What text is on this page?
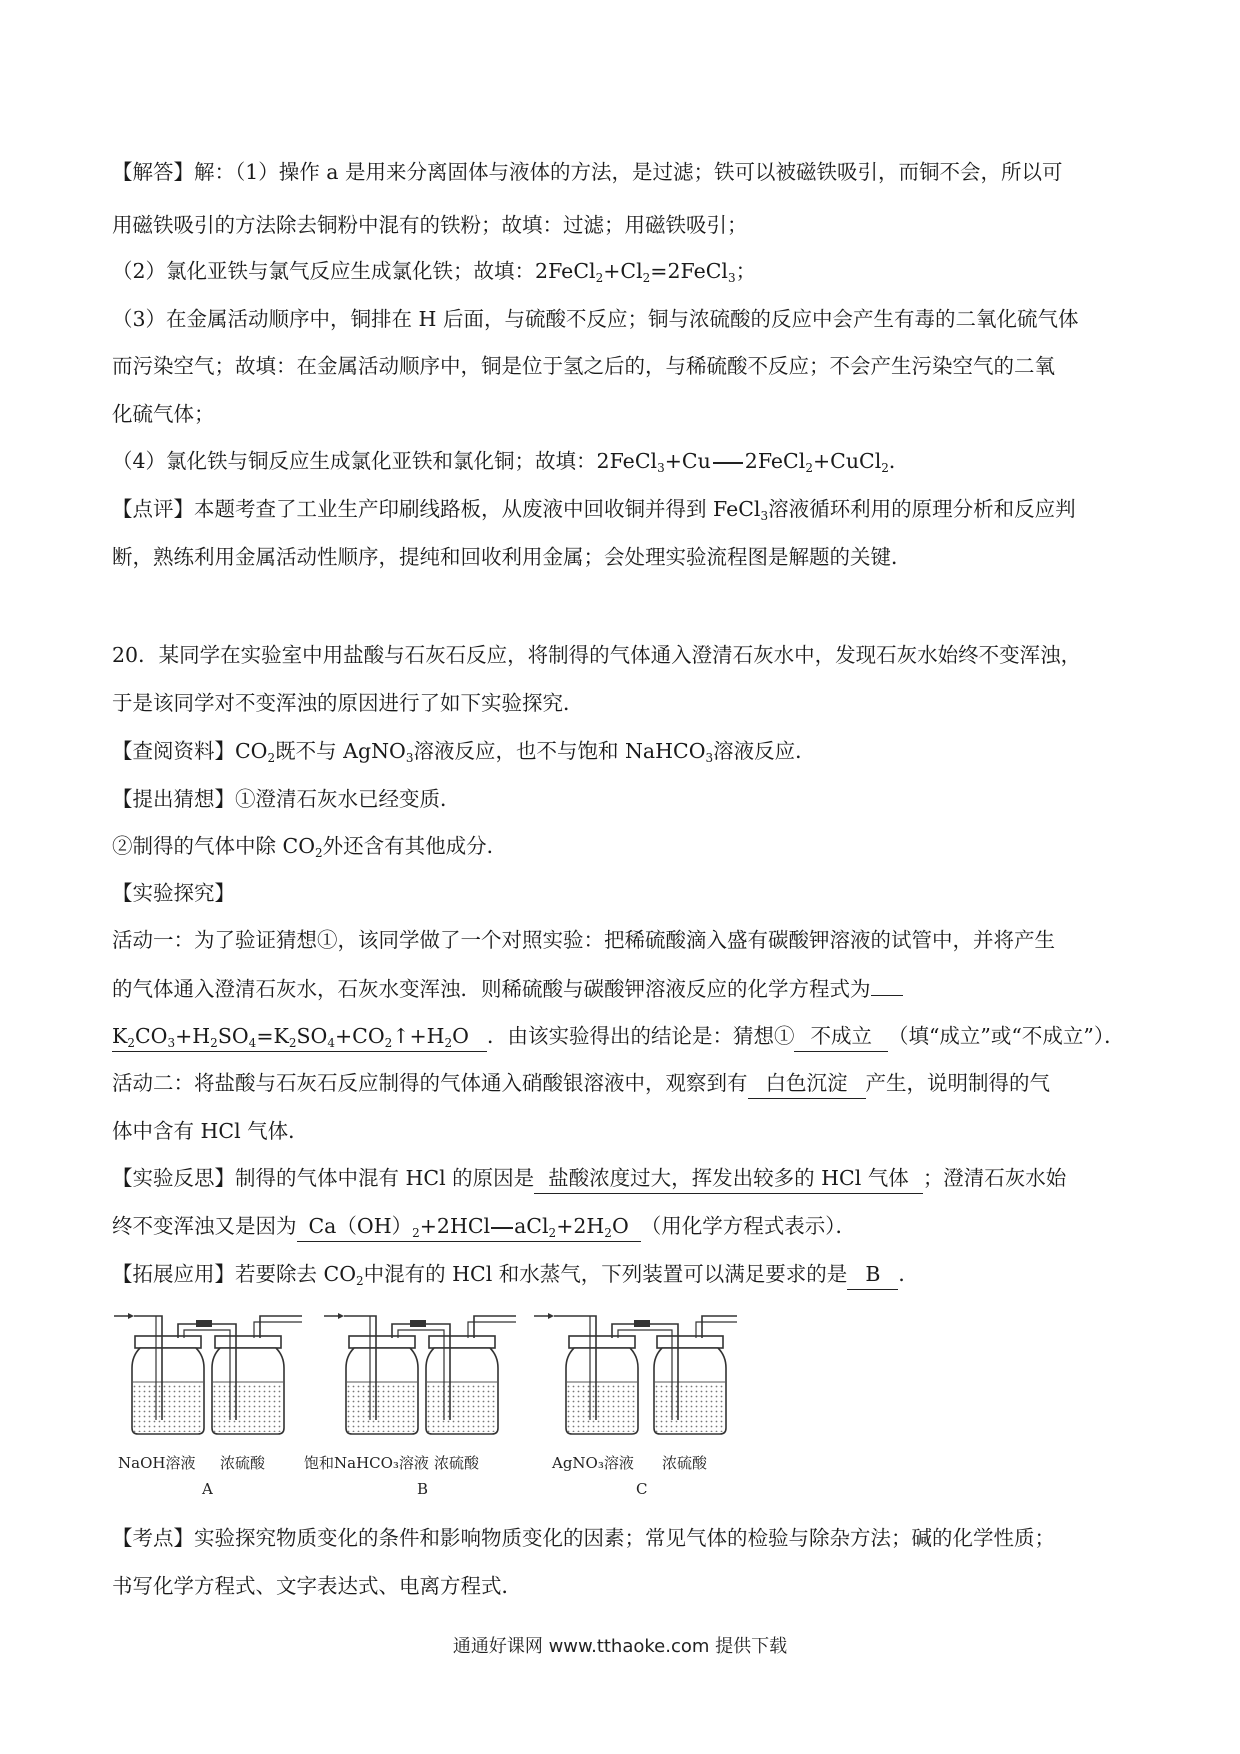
【解答】解：（1）操作 a 是用来分离固体与液体的方法，是过滤；铁可以被磁铁吸引，而铜不会，所以可
用磁铁吸引的方法除去铜粉中混有的铁粉；故填：过滤；用磁铁吸引；
（2）氯化亚铁与氯气反应生成氯化铁；故填：$2FeCl_2+Cl_2=2FeCl_3$；
（3）在金属活动顺序中，铜排在 H 后面，与硫酸不反应；铜与浓硫酸的反应中会产生有毒的二氧化硫气体
而污染空气；故填：在金属活动顺序中，铜是位于氢之后的，与稀硫酸不反应；不会产生污染空气的二氧
化硫气体；
（4）氯化铁与铜反应生成氯化亚铁和氯化铜；故填：2FeCl$_3$+Cu 2FeCl$_2$+CuCl$_2$．
【点评】本题考查了工业生产印刷线路板，从废液中回收铜并得到 FeCl$_3$溶液循环利用的原理分析和反应判
断，熟练利用金属活动性顺序，提纯和回收利用金属；会处理实验流程图是解题的关键．
20．某同学在实验室中用盐酸与石灰石反应，将制得的气体通入澄清石灰水中，发现石灰水始终不变浑浊，
于是该同学对不变浑浊的原因进行了如下实验探究．
【查阅资料】$CO_2$既不与 AgNO$_3$溶液反应，也不与饱和 NaHCO$_3$溶液反应．
【提出猜想】①澄清石灰水已经变质．
②制得的气体中除 $CO_2$外还含有其他成分．
【实验探究】
活动一：为了验证猜想①，该同学做了一个对照实验：把稀硫酸滴入盛有碳酸钾溶液的试管中，并将产生
的气体通入澄清石灰水，石灰水变浑浊．则稀硫酸与碳酸钾溶液反应的化学方程式为
$K_2CO_3+H_2SO_4=K_2SO_4+CO_2↑+H_2O$ ．由该实验得出的结论是：猜想① 不成立 （填“成立”或“不成立”）．
活动二：将盐酸与石灰石反应制得的气体通入硝酸银溶液中，观察到有 白色沉淀 产生，说明制得的气
体中含有 HCl 气体．
【实验反思】制得的气体中混有 HCl 的原因是 盐酸浓度过大，挥发出较多的 HCl 气体 ；澄清石灰水始
终不变浑浊又是因为 $Ca(OH)_2+2HCl$ $aCl_2+2H_2O$ （用化学方程式表示）．
【拓展应用】若要除去 $CO_2$中混有的 HCl 和水蒸气，下列装置可以满足要求的是 B ．
NaOH溶液 浓硫酸
A
饱和NaHCO₃溶液 浓硫酸
B
AgNO₃溶液 浓硫酸
C
【考点】实验探究物质变化的条件和影响物质变化的因素；常见气体的检验与除杂方法；碱的化学性质；
书写化学方程式、文字表达式、电离方程式．
通通好课网 www.tthaoke.com 提供下载
